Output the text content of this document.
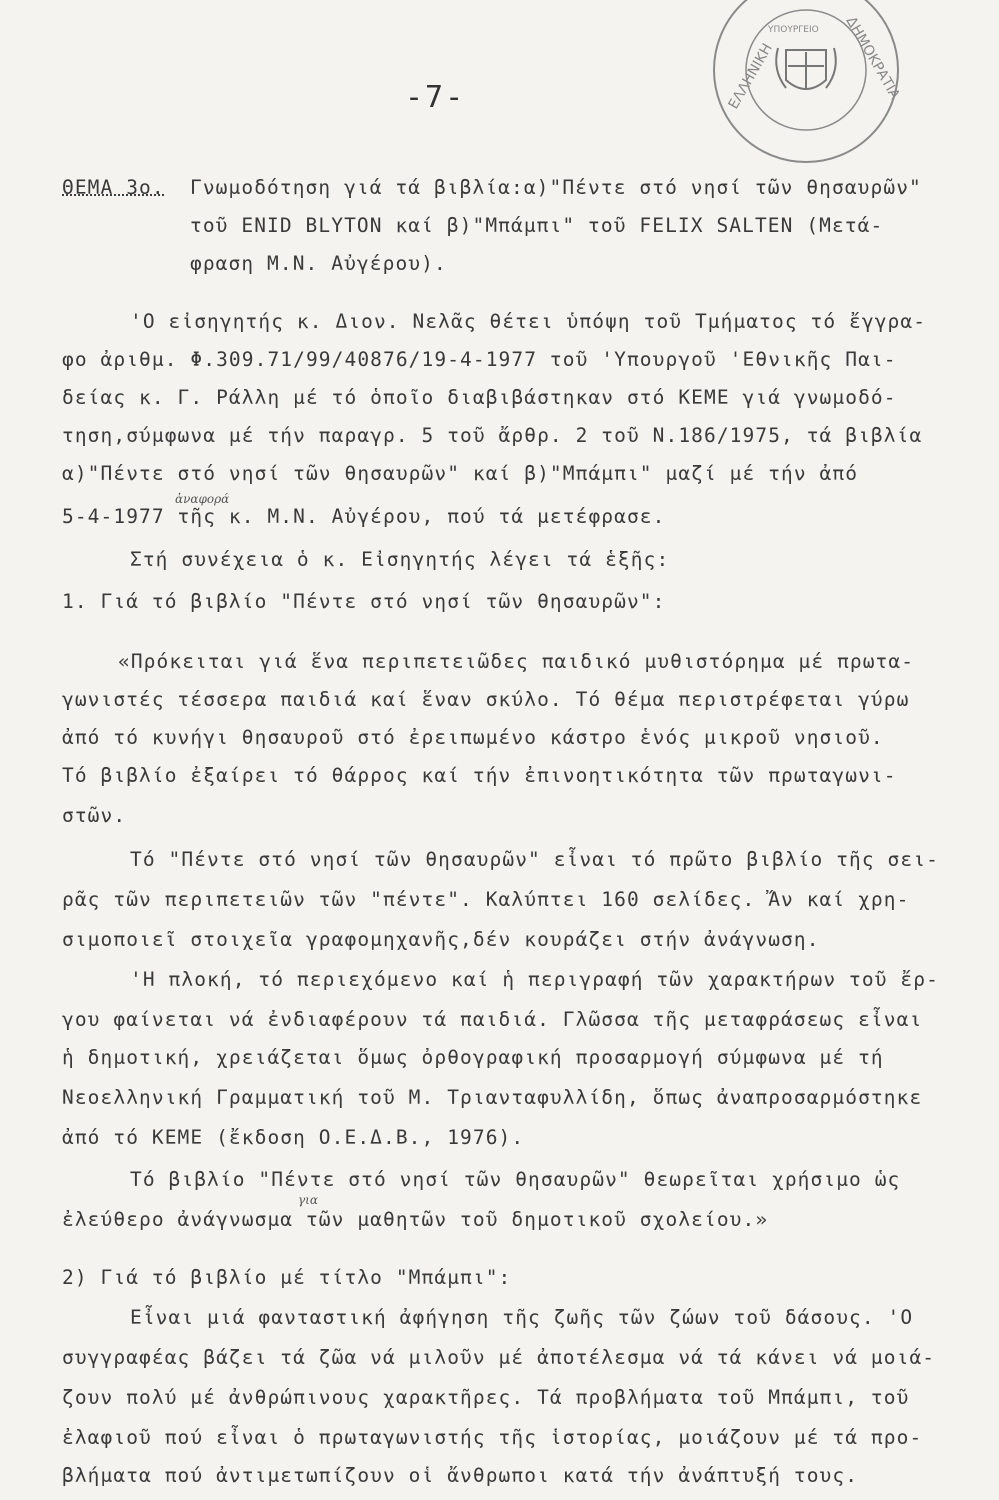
ΕΛΛΗΝΙΚΗ	ΔΗΜΟΚΡΑΤΙΑ
ΥΠΟΥΡΓΕΙΟ
-7-
ΘΕΜΑ 3ο. Γνωμοδότηση γιά τά βιβλία:α)"Πέντε στό νησί τῶν θησαυρῶν"
τοῦ ENID BLYTON καί β)"Μπάμπι" τοῦ FELIX SALTEN (Μετά-
φραση Μ.Ν. Αὐγέρου).
'Ο εἰσηγητής κ. Διον. Νελᾶς θέτει ὑπόψη τοῦ Τμήματος τό ἔγγρα-
φο ἀριθμ. Φ.309.71/99/40876/19-4-1977 τοῦ 'Υπουργοῦ 'Εθνικῆς Παι-
δείας κ. Γ. Ράλλη μέ τό ὁποῖο διαβιβάστηκαν στό ΚΕΜΕ γιά γνωμοδό-
τηση,σύμφωνα μέ τήν παραγρ. 5 τοῦ ἄρθρ. 2 τοῦ Ν.186/1975, τά βιβλία
α)"Πέντε στό νησί τῶν θησαυρῶν" καί β)"Μπάμπι" μαζί μέ τήν ἀπό
ἀναφορά
5-4-1977 τῆς κ. Μ.Ν. Αὐγέρου, πού τά μετέφρασε.
Στή συνέχεια ὁ κ. Εἰσηγητής λέγει τά ἑξῆς:
1. Γιά τό βιβλίο "Πέντε στό νησί τῶν θησαυρῶν":
«Πρόκειται γιά ἕνα περιπετειῶδες παιδικό μυθιστόρημα μέ πρωτα-
γωνιστές τέσσερα παιδιά καί ἕναν σκύλο. Τό θέμα περιστρέφεται γύρω
ἀπό τό κυνήγι θησαυροῦ στό ἐρειπωμένο κάστρο ἑνός μικροῦ νησιοῦ.
Τό βιβλίο ἐξαίρει τό θάρρος καί τήν ἐπινοητικότητα τῶν πρωταγωνι-
στῶν.
Τό "Πέντε στό νησί τῶν θησαυρῶν" εἶναι τό πρῶτο βιβλίο τῆς σει-
ρᾶς τῶν περιπετειῶν τῶν "πέντε". Καλύπτει 160 σελίδες. Ἄν καί χρη-
σιμοποιεῖ στοιχεῖα γραφομηχανῆς,δέν κουράζει στήν ἀνάγνωση.
'Η πλοκή, τό περιεχόμενο καί ἡ περιγραφή τῶν χαρακτήρων τοῦ ἔρ-
γου φαίνεται νά ἐνδιαφέρουν τά παιδιά. Γλῶσσα τῆς μεταφράσεως εἶναι
ἡ δημοτική, χρειάζεται ὅμως ὀρθογραφική προσαρμογή σύμφωνα μέ τή
Νεοελληνική Γραμματική τοῦ Μ. Τριανταφυλλίδη, ὅπως ἀναπροσαρμόστηκε
ἀπό τό ΚΕΜΕ (ἔκδοση Ο.Ε.Δ.Β., 1976).
Τό βιβλίο "Πέντε στό νησί τῶν θησαυρῶν" θεωρεῖται χρήσιμο ὡς
για
ἐλεύθερο ἀνάγνωσμα τῶν μαθητῶν τοῦ δημοτικοῦ σχολείου.»
2) Γιά τό βιβλίο μέ τίτλο "Μπάμπι":
Εἶναι μιά φανταστική ἀφήγηση τῆς ζωῆς τῶν ζώων τοῦ δάσους. 'Ο
συγγραφέας βάζει τά ζῶα νά μιλοῦν μέ ἀποτέλεσμα νά τά κάνει νά μοιά-
ζουν πολύ μέ ἀνθρώπινους χαρακτῆρες. Τά προβλήματα τοῦ Μπάμπι, τοῦ
ἐλαφιοῦ πού εἶναι ὁ πρωταγωνιστής τῆς ἱστορίας, μοιάζουν μέ τά προ-
βλήματα πού ἀντιμετωπίζουν οἱ ἄνθρωποι κατά τήν ἀνάπτυξή τους.
